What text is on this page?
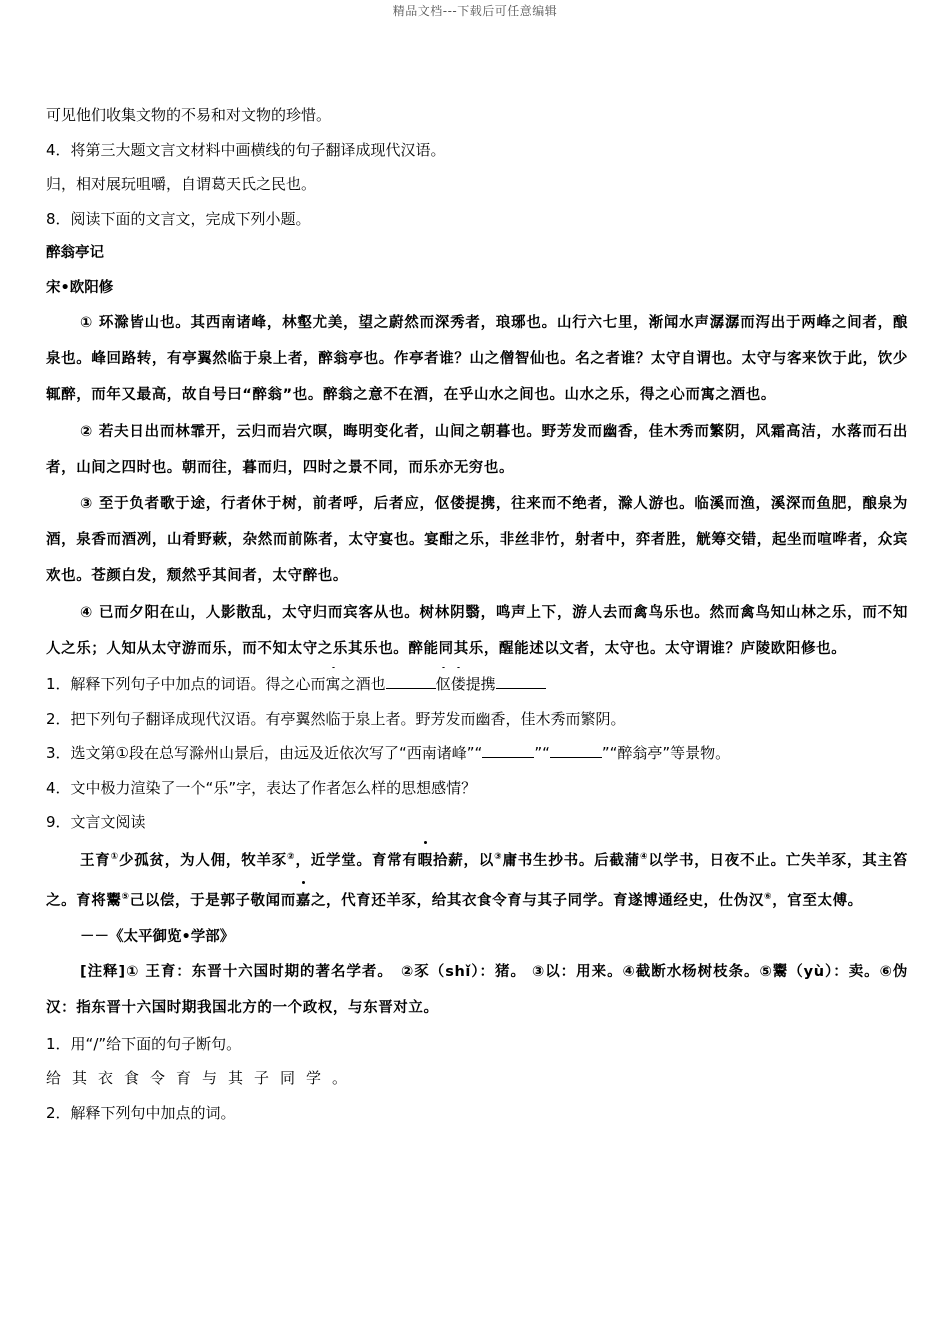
精品文档---下载后可任意编辑
可见他们收集文物的不易和对文物的珍惜。
4．将第三大题文言文材料中画横线的句子翻译成现代汉语。
归，相对展玩咀嚼，自谓葛天氏之民也。
8．阅读下面的文言文，完成下列小题。
醉翁亭记
宋•欧阳修
① 环滁皆山也。其西南诸峰，林壑尤美，望之蔚然而深秀者，琅琊也。山行六七里，渐闻水声潺潺而泻出于两峰之间者，酿泉也。峰回路转，有亭翼然临于泉上者，醉翁亭也。作亭者谁？山之僧智仙也。名之者谁？太守自谓也。太守与客来饮于此，饮少辄醉，而年又最高，故自号曰“醉翁”也。醉翁之意不在酒，在乎山水之间也。山水之乐，得之心而寓之酒也。
② 若夫日出而林霏开，云归而岩穴暝，晦明变化者，山间之朝暮也。野芳发而幽香，佳木秀而繁阴，风霜高洁，水落而石出者，山间之四时也。朝而往，暮而归，四时之景不同，而乐亦无穷也。
③ 至于负者歌于途，行者休于树，前者呼，后者应，伛偻提携，往来而不绝者，滁人游也。临溪而渔，溪深而鱼肥，酿泉为酒，泉香而酒冽，山肴野蔌，杂然而前陈者，太守宴也。宴酣之乐，非丝非竹，射者中，弈者胜，觥筹交错，起坐而喧哗者，众宾欢也。苍颜白发，颓然乎其间者，太守醉也。
④ 已而夕阳在山，人影散乱，太守归而宾客从也。树林阴翳，鸣声上下，游人去而禽鸟乐也。然而禽鸟知山林之乐，而不知人之乐；人知从太守游而乐，而不知太守之乐其乐也。醉能同其乐，醒能述以文者，太守也。太守谓谁？庐陵欧阳修也。
1．解释下列句子中加点的词语。得之心而寓之酒也	伛偻提携
2．把下列句子翻译成现代汉语。有亭翼然临于泉上者。野芳发而幽香，佳木秀而繁阴。
3．选文第①段在总写滁州山景后，由远及近依次写了“西南诸峰”“	”“	”“醉翁亭”等景物。
4．文中极力渲染了一个“乐”字，表达了作者怎么样的思想感情？
9．文言文阅读
王育①少孤贫，为人佣，牧羊豕②，近学堂。育常有暇拾薪，以③庸书生抄书。后截蒲④以学书，日夜不止。亡失羊豕，其主笞之。育将鬻⑤己以偿，于是郭子敬闻而嘉之，代育还羊豕，给其衣食令育与其子同学。育遂博通经史，仕伪汉⑥，官至太傅。
－－《太平御览•学部》
[注释]① 王育：东晋十六国时期的著名学者。　②豕（shǐ）：猪。 ③以：用来。④截断水杨树枝条。⑤鬻（yù）：卖。⑥伪汉：指东晋十六国时期我国北方的一个政权，与东晋对立。
1．用“/”给下面的句子断句。
给其衣食令育与其子同学。
2．解释下列句中加点的词。
